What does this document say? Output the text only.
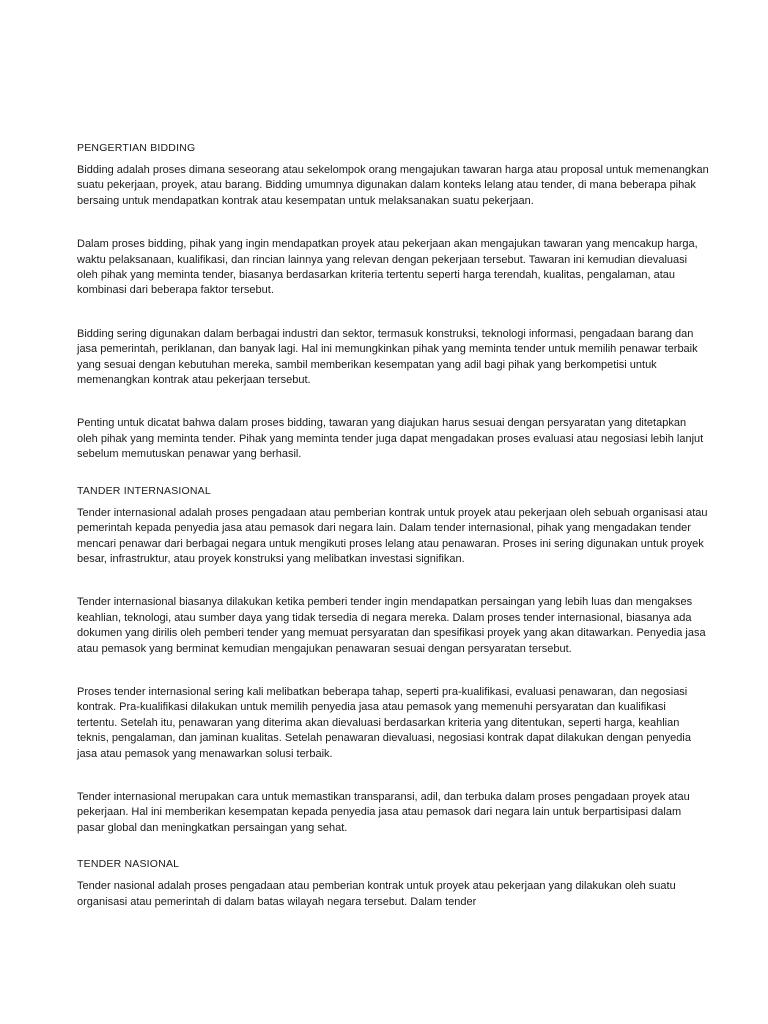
PENGERTIAN BIDDING

Bidding adalah proses dimana seseorang atau sekelompok orang mengajukan tawaran harga atau proposal untuk memenangkan suatu pekerjaan, proyek, atau barang. Bidding umumnya digunakan dalam konteks lelang atau tender, di mana beberapa pihak bersaing untuk mendapatkan kontrak atau kesempatan untuk melaksanakan suatu pekerjaan.

Dalam proses bidding, pihak yang ingin mendapatkan proyek atau pekerjaan akan mengajukan tawaran yang mencakup harga, waktu pelaksanaan, kualifikasi, dan rincian lainnya yang relevan dengan pekerjaan tersebut. Tawaran ini kemudian dievaluasi oleh pihak yang meminta tender, biasanya berdasarkan kriteria tertentu seperti harga terendah, kualitas, pengalaman, atau kombinasi dari beberapa faktor tersebut.

Bidding sering digunakan dalam berbagai industri dan sektor, termasuk konstruksi, teknologi informasi, pengadaan barang dan jasa pemerintah, periklanan, dan banyak lagi. Hal ini memungkinkan pihak yang meminta tender untuk memilih penawar terbaik yang sesuai dengan kebutuhan mereka, sambil memberikan kesempatan yang adil bagi pihak yang berkompetisi untuk memenangkan kontrak atau pekerjaan tersebut.

Penting untuk dicatat bahwa dalam proses bidding, tawaran yang diajukan harus sesuai dengan persyaratan yang ditetapkan oleh pihak yang meminta tender. Pihak yang meminta tender juga dapat mengadakan proses evaluasi atau negosiasi lebih lanjut sebelum memutuskan penawar yang berhasil.

TANDER INTERNASIONAL

Tender internasional adalah proses pengadaan atau pemberian kontrak untuk proyek atau pekerjaan oleh sebuah organisasi atau pemerintah kepada penyedia jasa atau pemasok dari negara lain. Dalam tender internasional, pihak yang mengadakan tender mencari penawar dari berbagai negara untuk mengikuti proses lelang atau penawaran. Proses ini sering digunakan untuk proyek besar, infrastruktur, atau proyek konstruksi yang melibatkan investasi signifikan.

Tender internasional biasanya dilakukan ketika pemberi tender ingin mendapatkan persaingan yang lebih luas dan mengakses keahlian, teknologi, atau sumber daya yang tidak tersedia di negara mereka. Dalam proses tender internasional, biasanya ada dokumen yang dirilis oleh pemberi tender yang memuat persyaratan dan spesifikasi proyek yang akan ditawarkan. Penyedia jasa atau pemasok yang berminat kemudian mengajukan penawaran sesuai dengan persyaratan tersebut.

Proses tender internasional sering kali melibatkan beberapa tahap, seperti pra-kualifikasi, evaluasi penawaran, dan negosiasi kontrak. Pra-kualifikasi dilakukan untuk memilih penyedia jasa atau pemasok yang memenuhi persyaratan dan kualifikasi tertentu. Setelah itu, penawaran yang diterima akan dievaluasi berdasarkan kriteria yang ditentukan, seperti harga, keahlian teknis, pengalaman, dan jaminan kualitas. Setelah penawaran dievaluasi, negosiasi kontrak dapat dilakukan dengan penyedia jasa atau pemasok yang menawarkan solusi terbaik.

Tender internasional merupakan cara untuk memastikan transparansi, adil, dan terbuka dalam proses pengadaan proyek atau pekerjaan. Hal ini memberikan kesempatan kepada penyedia jasa atau pemasok dari negara lain untuk berpartisipasi dalam pasar global dan meningkatkan persaingan yang sehat.

TENDER NASIONAL

Tender nasional adalah proses pengadaan atau pemberian kontrak untuk proyek atau pekerjaan yang dilakukan oleh suatu organisasi atau pemerintah di dalam batas wilayah negara tersebut. Dalam tender
